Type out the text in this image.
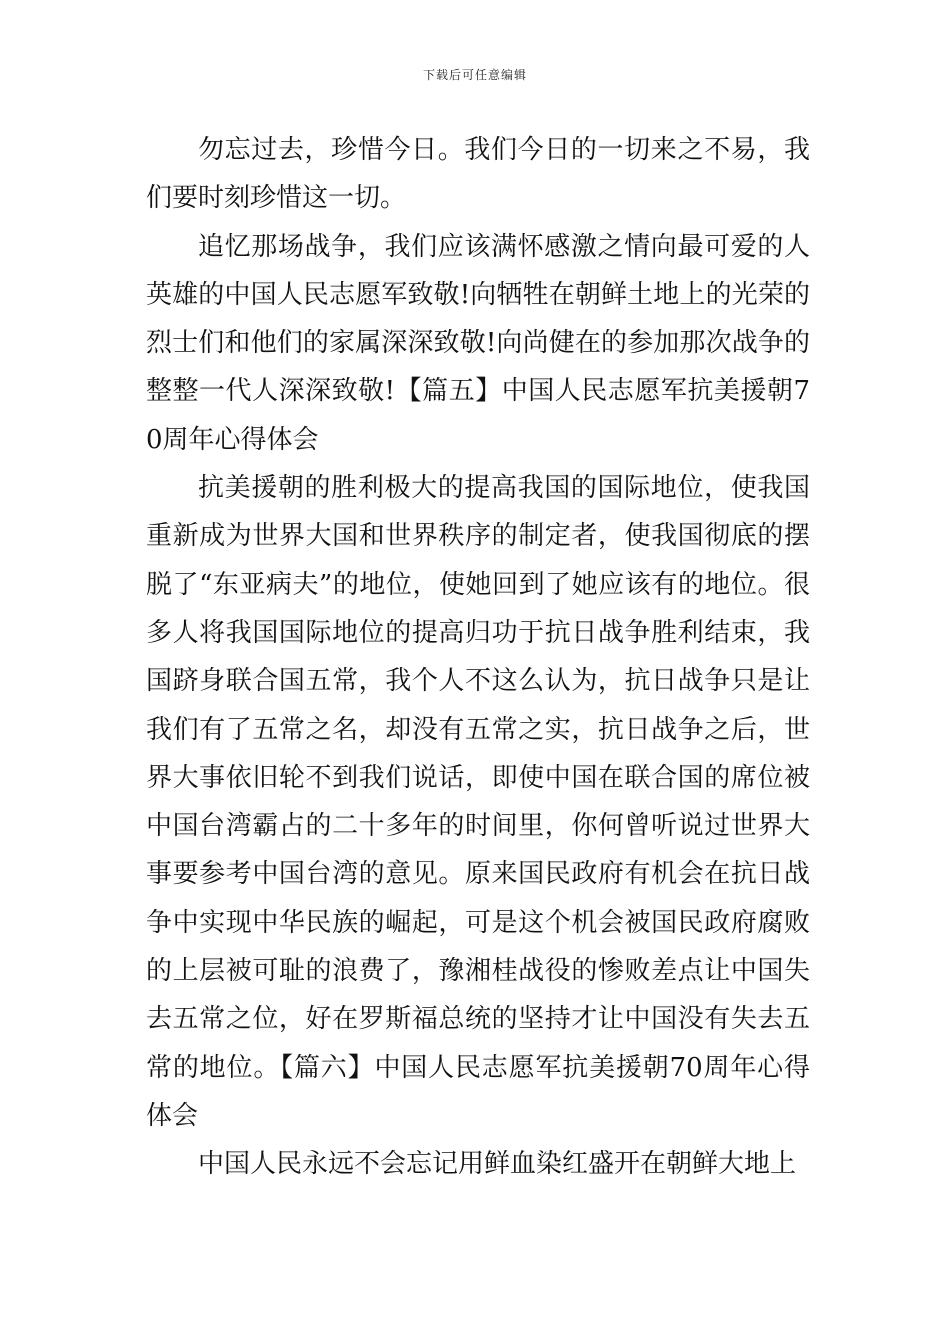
下载后可任意编辑

勿忘过去，珍惜今日。我们今日的一切来之不易，我们要时刻珍惜这一切。

追忆那场战争，我们应该满怀感激之情向最可爱的人英雄的中国人民志愿军致敬!向牺牲在朝鲜土地上的光荣的烈士们和他们的家属深深致敬!向尚健在的参加那次战争的整整一代人深深致敬!【篇五】中国人民志愿军抗美援朝70周年心得体会

抗美援朝的胜利极大的提高我国的国际地位，使我国重新成为世界大国和世界秩序的制定者，使我国彻底的摆脱了“东亚病夫”的地位，使她回到了她应该有的地位。很多人将我国国际地位的提高归功于抗日战争胜利结束，我国跻身联合国五常，我个人不这么认为，抗日战争只是让我们有了五常之名，却没有五常之实，抗日战争之后，世界大事依旧轮不到我们说话，即使中国在联合国的席位被中国台湾霸占的二十多年的时间里，你何曾听说过世界大事要参考中国台湾的意见。原来国民政府有机会在抗日战争中实现中华民族的崛起，可是这个机会被国民政府腐败的上层被可耻的浪费了，豫湘桂战役的惨败差点让中国失去五常之位，好在罗斯福总统的坚持才让中国没有失去五常的地位。【篇六】中国人民志愿军抗美援朝70周年心得体会

中国人民永远不会忘记用鲜血染红盛开在朝鲜大地上
